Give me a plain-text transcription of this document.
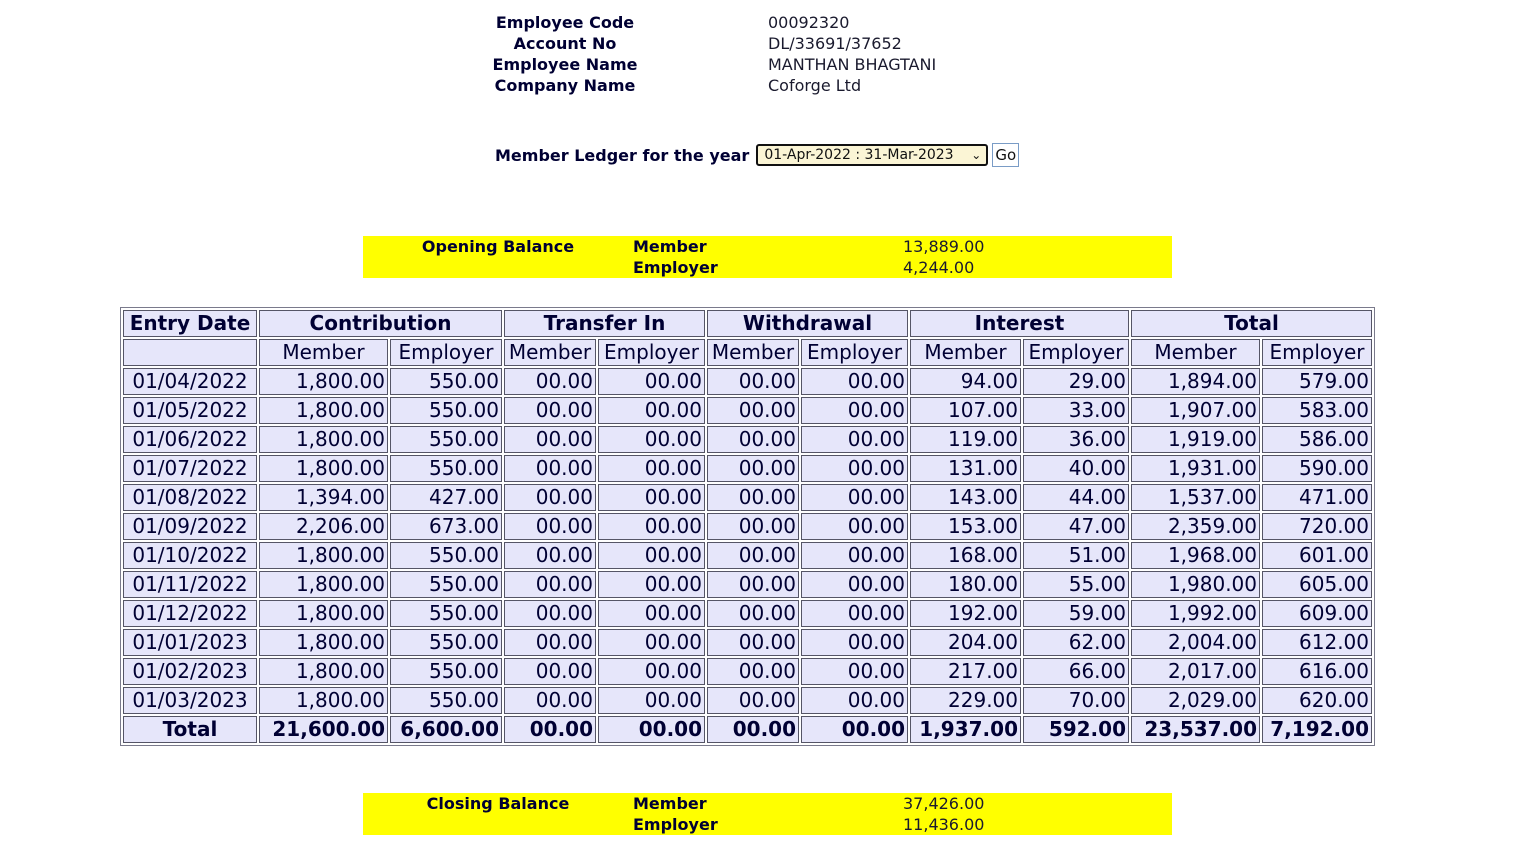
Employee Code	00092320
Account No	DL/33691/37652
Employee Name	MANTHAN BHAGTANI
Company Name	Coforge Ltd
Member Ledger for the year 01-Apr-2022 : 31-Mar-2023 ⌄ Go
Opening Balance	Member	13,889.00
Employer	4,244.00
Entry Date	Contribution		Transfer In		Withdrawal		Interest		Total	
	Member	Employer	Member	Employer	Member	Employer	Member	Employer	Member	Employer
01/04/2022	1,800.00	550.00	00.00	00.00	00.00	00.00	94.00	29.00	1,894.00	579.00
01/05/2022	1,800.00	550.00	00.00	00.00	00.00	00.00	107.00	33.00	1,907.00	583.00
01/06/2022	1,800.00	550.00	00.00	00.00	00.00	00.00	119.00	36.00	1,919.00	586.00
01/07/2022	1,800.00	550.00	00.00	00.00	00.00	00.00	131.00	40.00	1,931.00	590.00
01/08/2022	1,394.00	427.00	00.00	00.00	00.00	00.00	143.00	44.00	1,537.00	471.00
01/09/2022	2,206.00	673.00	00.00	00.00	00.00	00.00	153.00	47.00	2,359.00	720.00
01/10/2022	1,800.00	550.00	00.00	00.00	00.00	00.00	168.00	51.00	1,968.00	601.00
01/11/2022	1,800.00	550.00	00.00	00.00	00.00	00.00	180.00	55.00	1,980.00	605.00
01/12/2022	1,800.00	550.00	00.00	00.00	00.00	00.00	192.00	59.00	1,992.00	609.00
01/01/2023	1,800.00	550.00	00.00	00.00	00.00	00.00	204.00	62.00	2,004.00	612.00
01/02/2023	1,800.00	550.00	00.00	00.00	00.00	00.00	217.00	66.00	2,017.00	616.00
01/03/2023	1,800.00	550.00	00.00	00.00	00.00	00.00	229.00	70.00	2,029.00	620.00
Total	21,600.00	6,600.00	00.00	00.00	00.00	00.00	1,937.00	592.00	23,537.00	7,192.00
Closing Balance	Member	37,426.00
Employer	11,436.00
